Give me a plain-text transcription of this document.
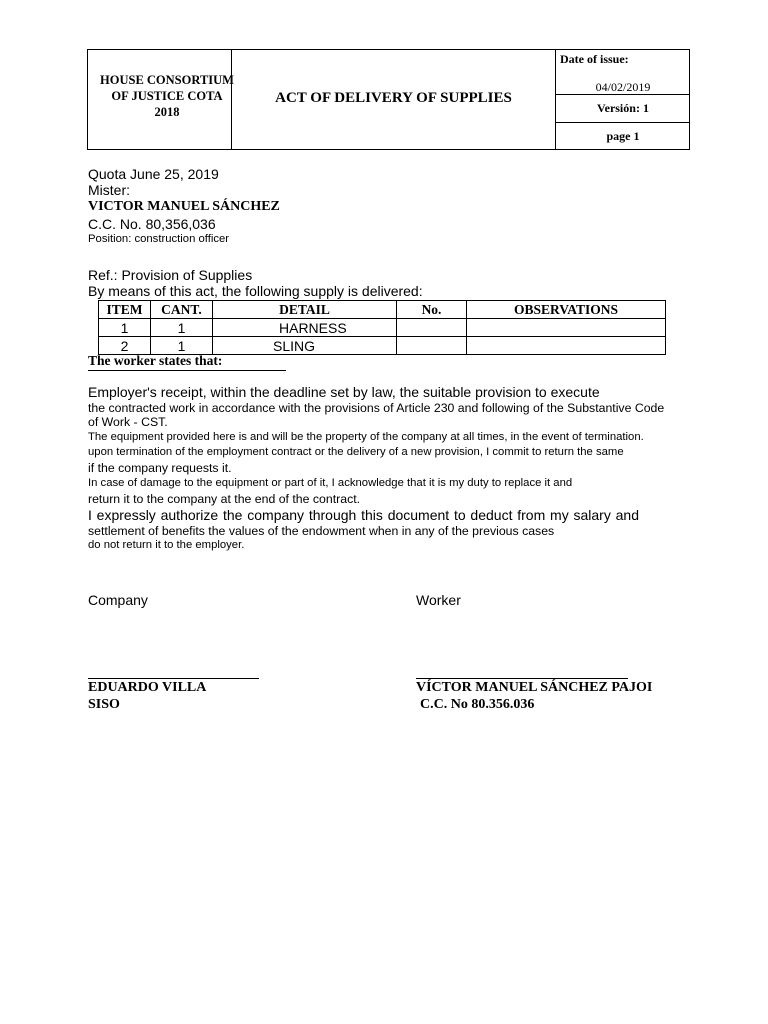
HOUSE CONSORTIUM
OF JUSTICE COTA
2018
ACT OF DELIVERY OF SUPPLIES
Date of issue:
04/02/2019
Versión: 1
page 1
Quota June 25, 2019
Mister:
VICTOR MANUEL SÁNCHEZ
C.C. No. 80,356,036
Position: construction officer
Ref.: Provision of Supplies
By means of this act, the following supply is delivered:
ITEM	CANT.	DETAIL	No.	OBSERVATIONS
1	1	HARNESS		
2	1	SLING		
The worker states that:
Employer's receipt, within the deadline set by law, the suitable provision to execute
the contracted work in accordance with the provisions of Article 230 and following of the Substantive Code
of Work - CST.
The equipment provided here is and will be the property of the company at all times, in the event of termination.
upon termination of the employment contract or the delivery of a new provision, I commit to return the same
if the company requests it.
In case of damage to the equipment or part of it, I acknowledge that it is my duty to replace it and
return it to the company at the end of the contract.
I expressly authorize the company through this document to deduct from my salary and
settlement of benefits the values of the endowment when in any of the previous cases
do not return it to the employer.
Company	Worker
EDUARDO VILLA
SISO
VÍCTOR MANUEL SÁNCHEZ PAJOI
C.C. No 80.356.036
